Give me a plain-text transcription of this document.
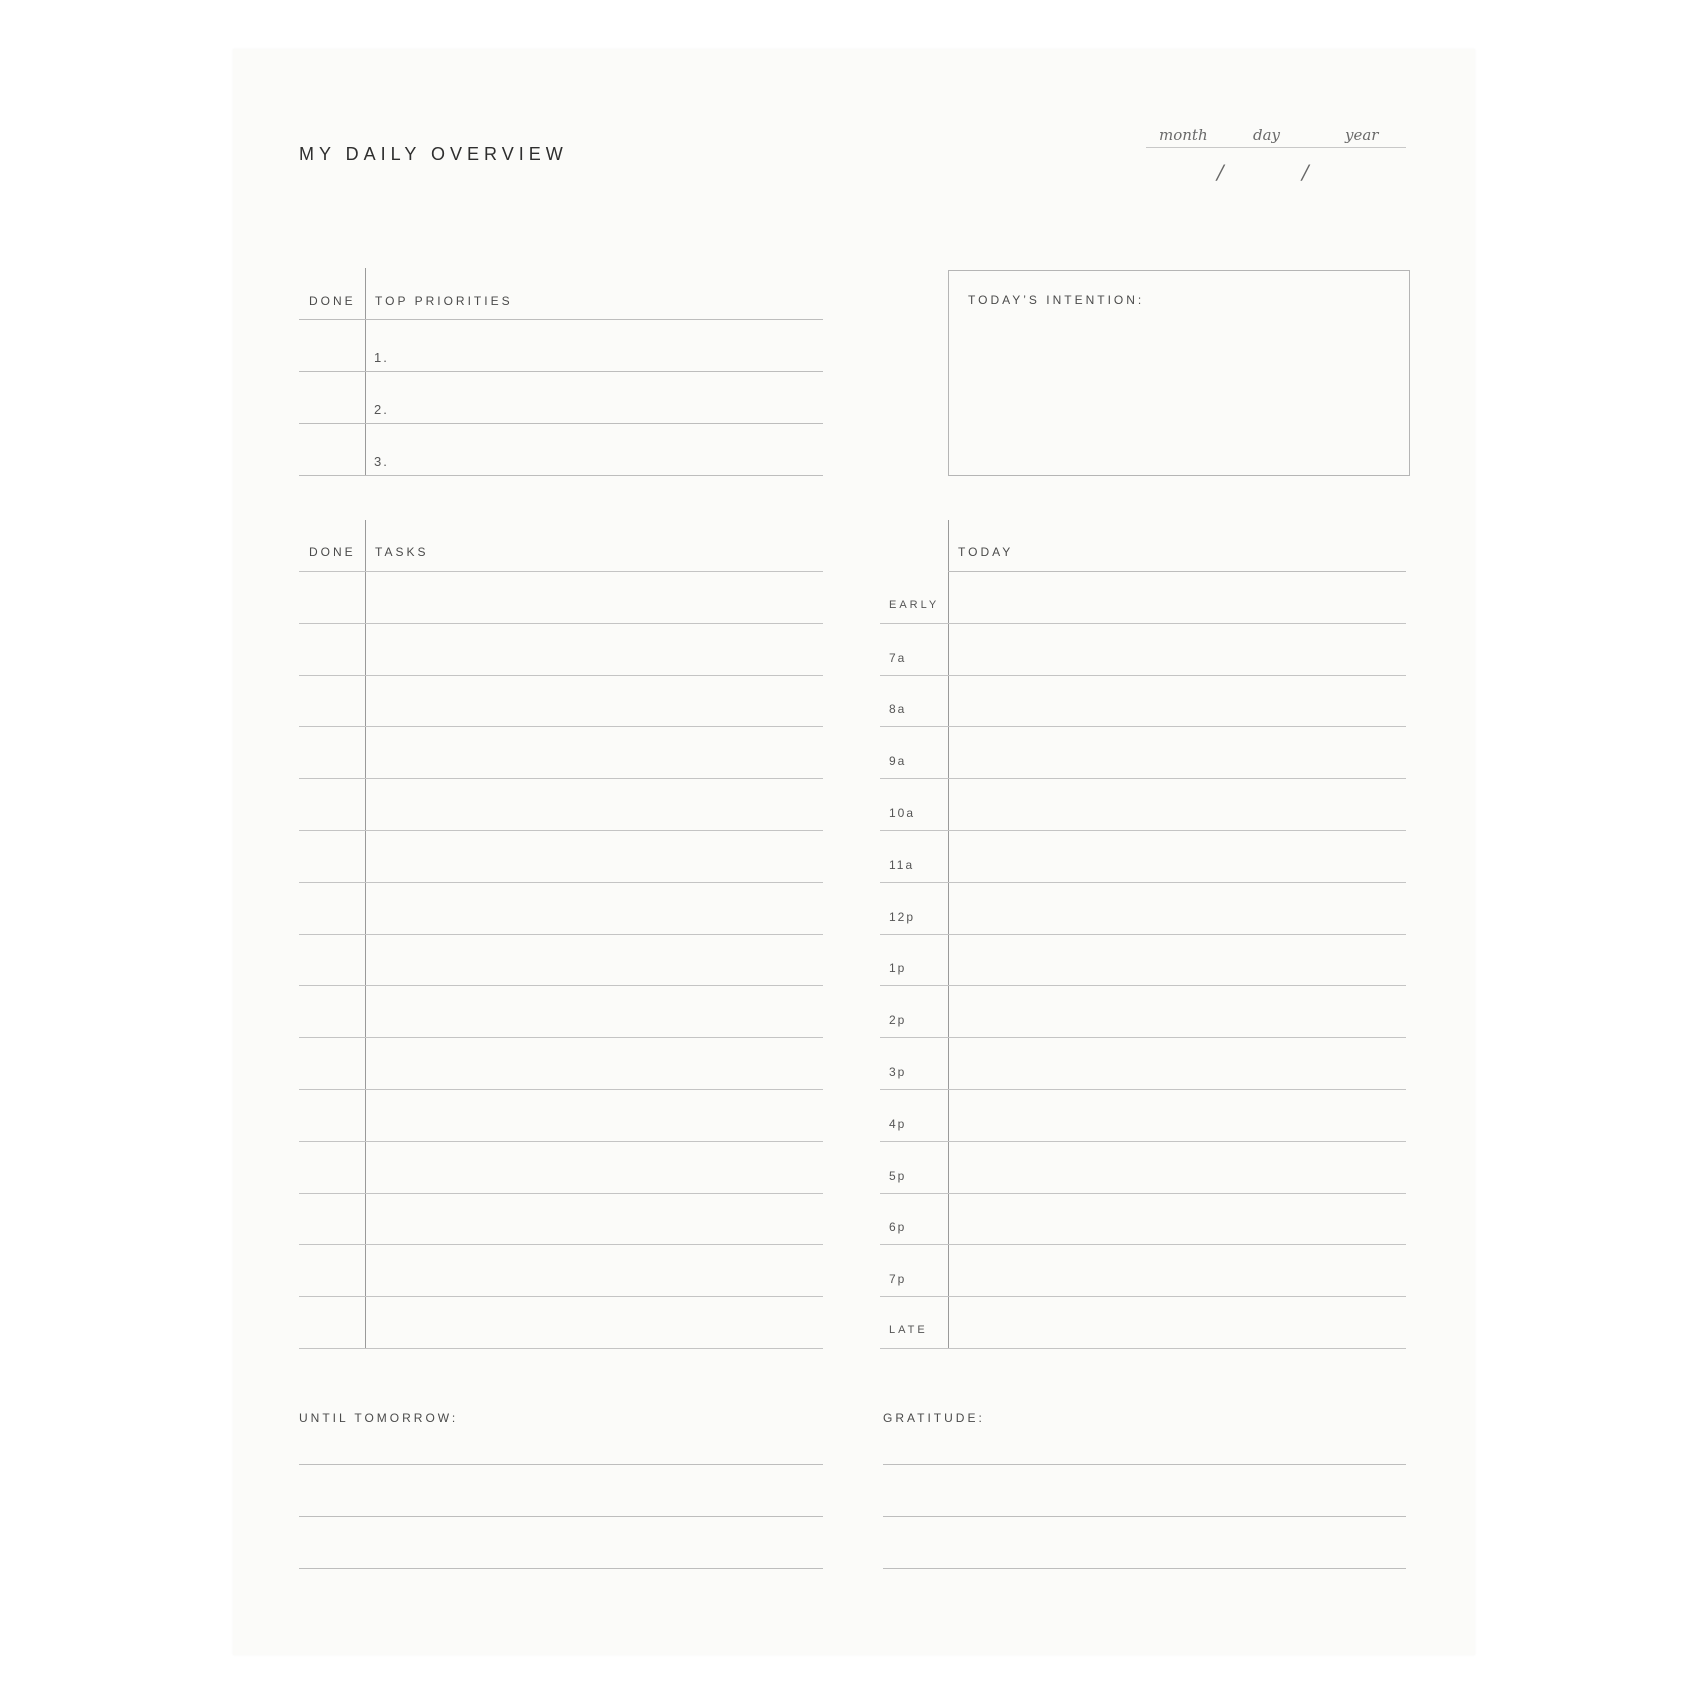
MY DAILY OVERVIEW
month	day	year
/	/
DONE TOP PRIORITIES
1.
2.
3.
TODAY’S INTENTION:
DONE TASKS	TODAY
EARLY
7a
8a
9a
10a
11a
12p
1p
2p
3p
4p
5p
6p
7p
LATE
UNTIL TOMORROW:	GRATITUDE:
